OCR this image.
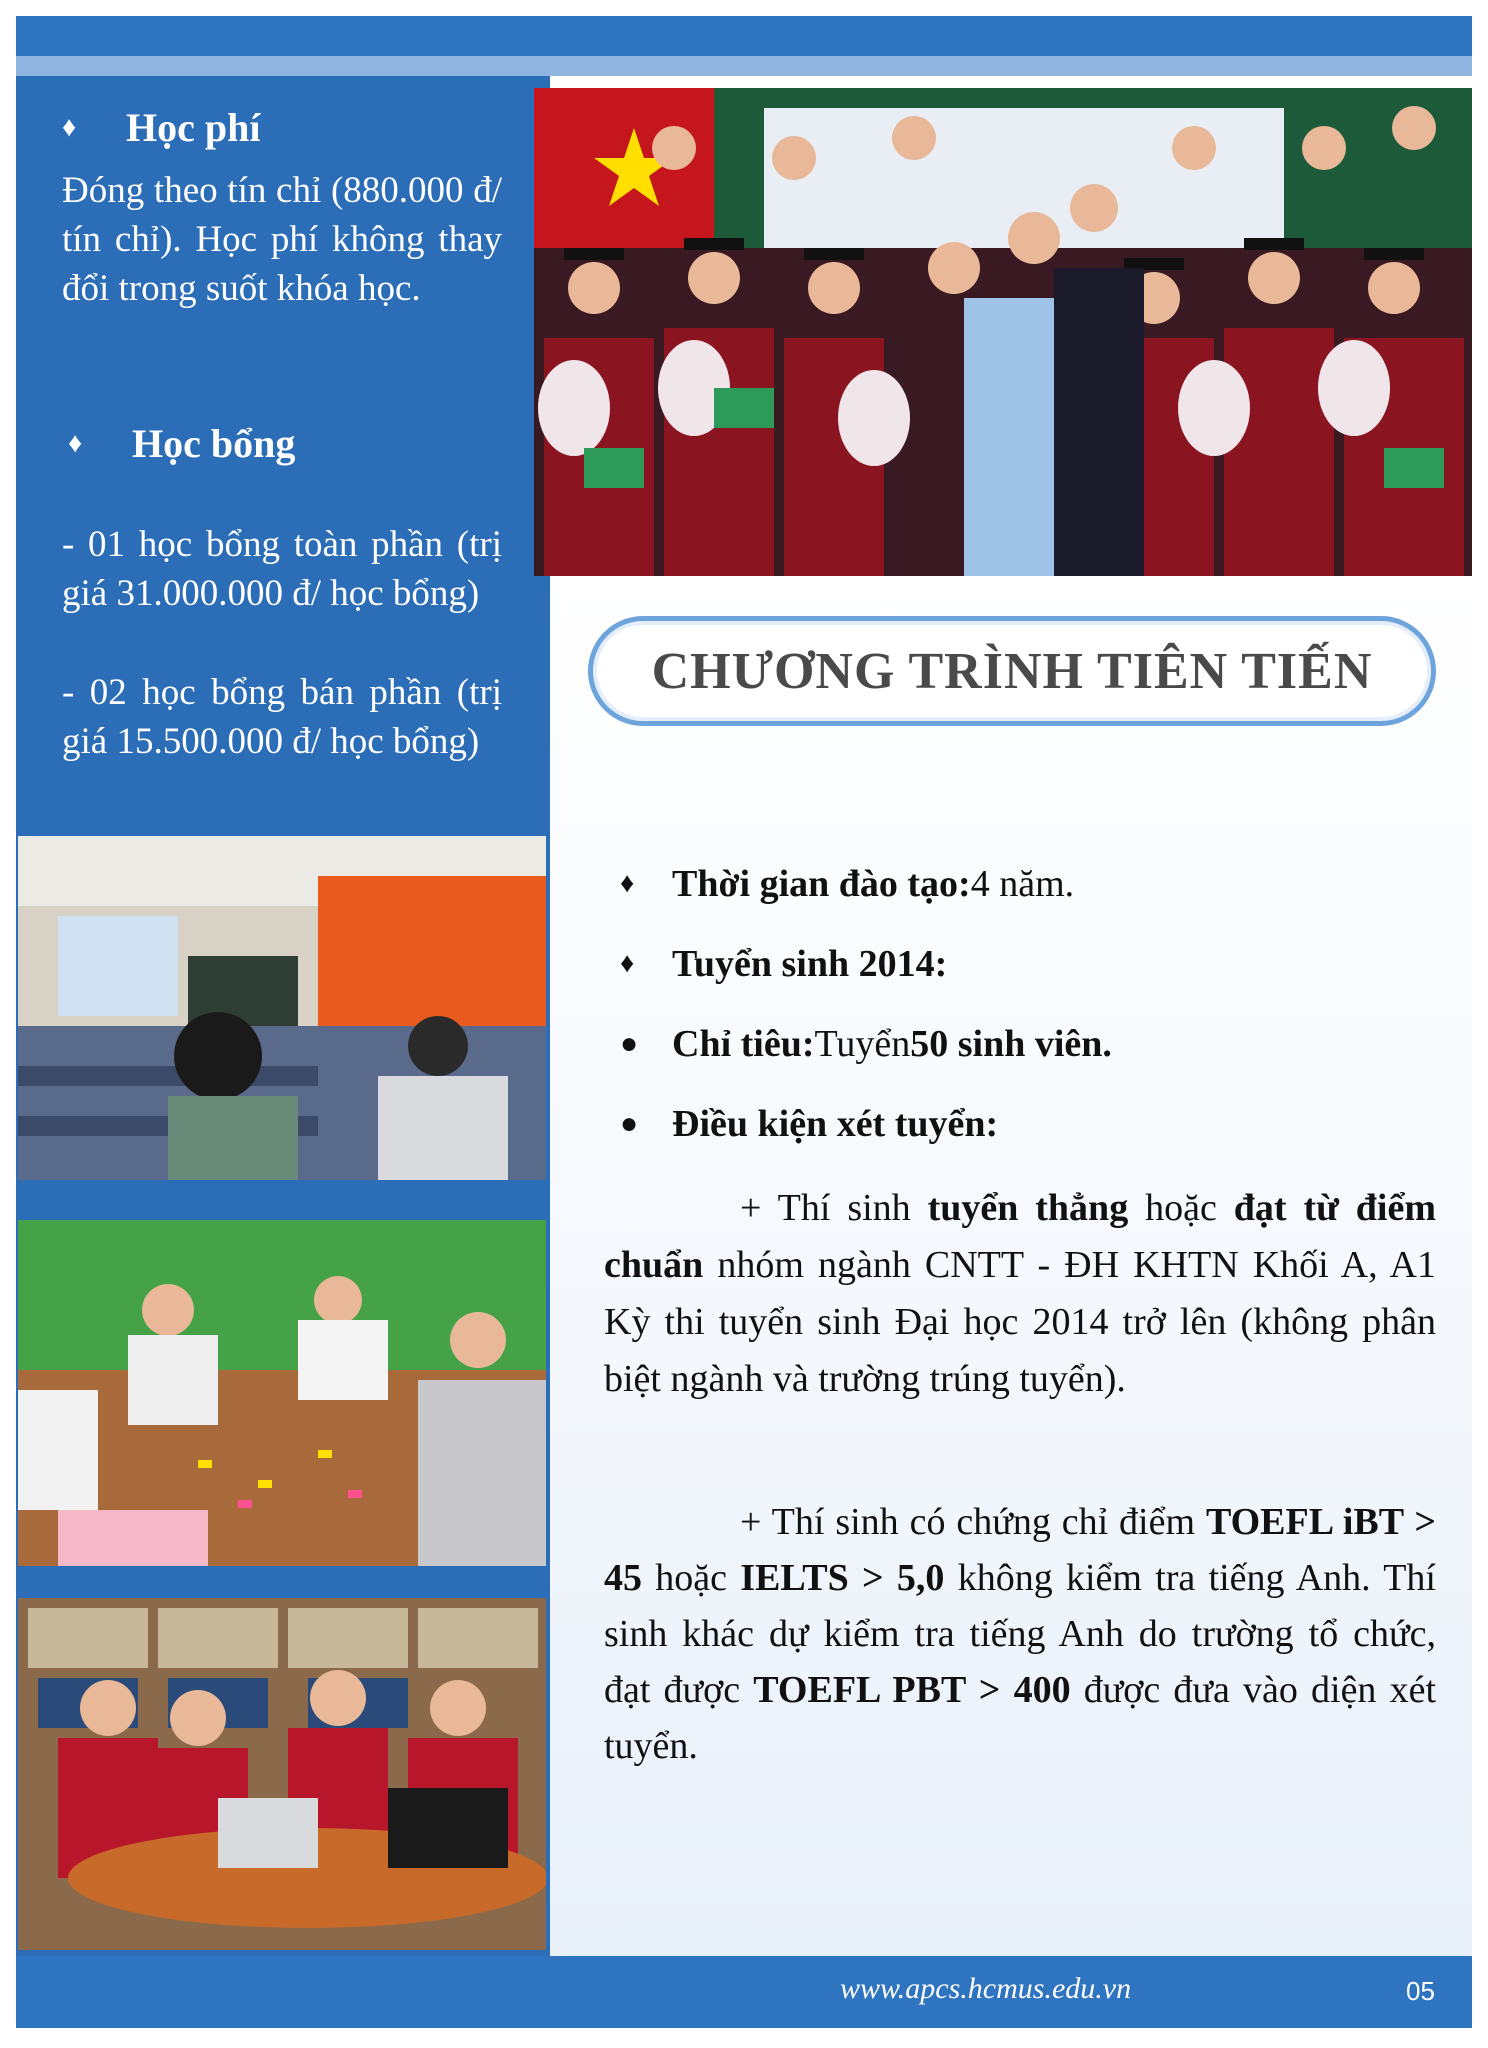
♦	Học phí
Đóng theo tín chỉ (880.000 đ/ tín chỉ). Học phí không thay đổi trong suốt khóa học.
♦	Học bổng
- 01 học bổng toàn phần (trị giá 31.000.000 đ/ học bổng)
- 02 học bổng bán phần (trị giá 15.500.000 đ/ học bổng)
CHƯƠNG TRÌNH TIÊN TIẾN
♦ Thời gian đào tạo: 4 năm.
♦ Tuyển sinh 2014:
● Chỉ tiêu: Tuyển 50 sinh viên.
● Điều kiện xét tuyển:
+ Thí sinh tuyển thẳng hoặc đạt từ điểm chuẩn nhóm ngành CNTT - ĐH KHTN Khối A, A1 Kỳ thi tuyển sinh Đại học 2014 trở lên (không phân biệt ngành và trường trúng tuyển).
+ Thí sinh có chứng chỉ điểm TOEFL iBT > 45 hoặc IELTS > 5,0 không kiểm tra tiếng Anh. Thí sinh khác dự kiểm tra tiếng Anh do trường tổ chức, đạt được TOEFL PBT > 400 được đưa vào diện xét tuyển.
www.apcs.hcmus.edu.vn	05
